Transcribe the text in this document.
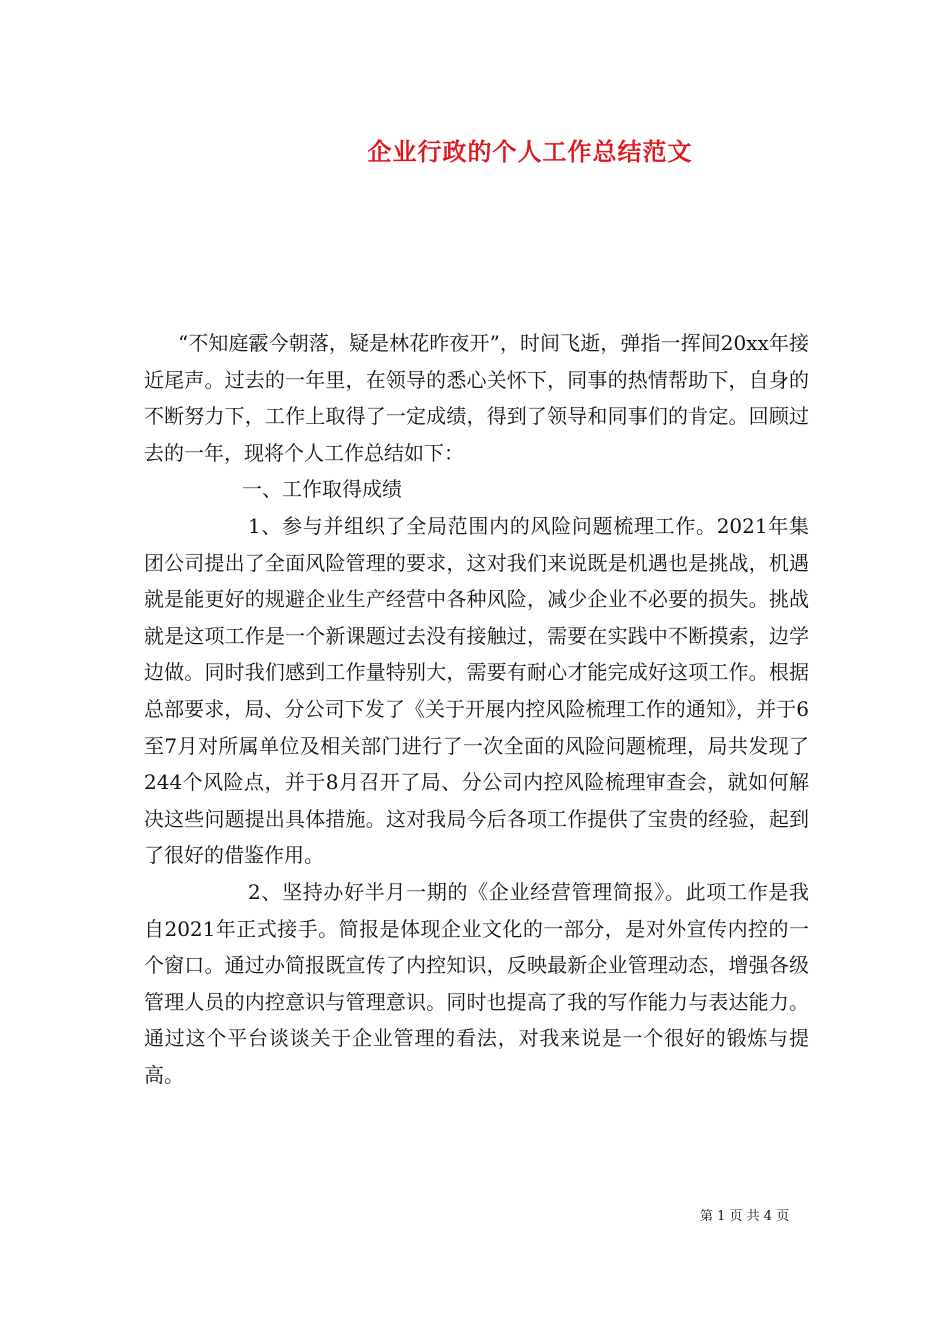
企业行政的个人工作总结范文

“不知庭霰今朝落，疑是林花昨夜开”，时间飞逝，弹指一挥间20xx年接近尾声。过去的一年里，在领导的悉心关怀下，同事的热情帮助下，自身的不断努力下，工作上取得了一定成绩，得到了领导和同事们的肯定。回顾过去的一年，现将个人工作总结如下：

一、工作取得成绩

1、参与并组织了全局范围内的风险问题梳理工作。2021年集团公司提出了全面风险管理的要求，这对我们来说既是机遇也是挑战，机遇就是能更好的规避企业生产经营中各种风险，减少企业不必要的损失。挑战就是这项工作是一个新课题过去没有接触过，需要在实践中不断摸索，边学边做。同时我们感到工作量特别大，需要有耐心才能完成好这项工作。根据总部要求，局、分公司下发了《关于开展内控风险梳理工作的通知》，并于6至7月对所属单位及相关部门进行了一次全面的风险问题梳理，局共发现了244个风险点，并于8月召开了局、分公司内控风险梳理审查会，就如何解决这些问题提出具体措施。这对我局今后各项工作提供了宝贵的经验，起到了很好的借鉴作用。

2、坚持办好半月一期的《企业经营管理简报》。此项工作是我自2021年正式接手。简报是体现企业文化的一部分，是对外宣传内控的一个窗口。通过办简报既宣传了内控知识，反映最新企业管理动态，增强各级管理人员的内控意识与管理意识。同时也提高了我的写作能力与表达能力。通过这个平台谈谈关于企业管理的看法，对我来说是一个很好的锻炼与提高。

第 1 页 共 4 页
